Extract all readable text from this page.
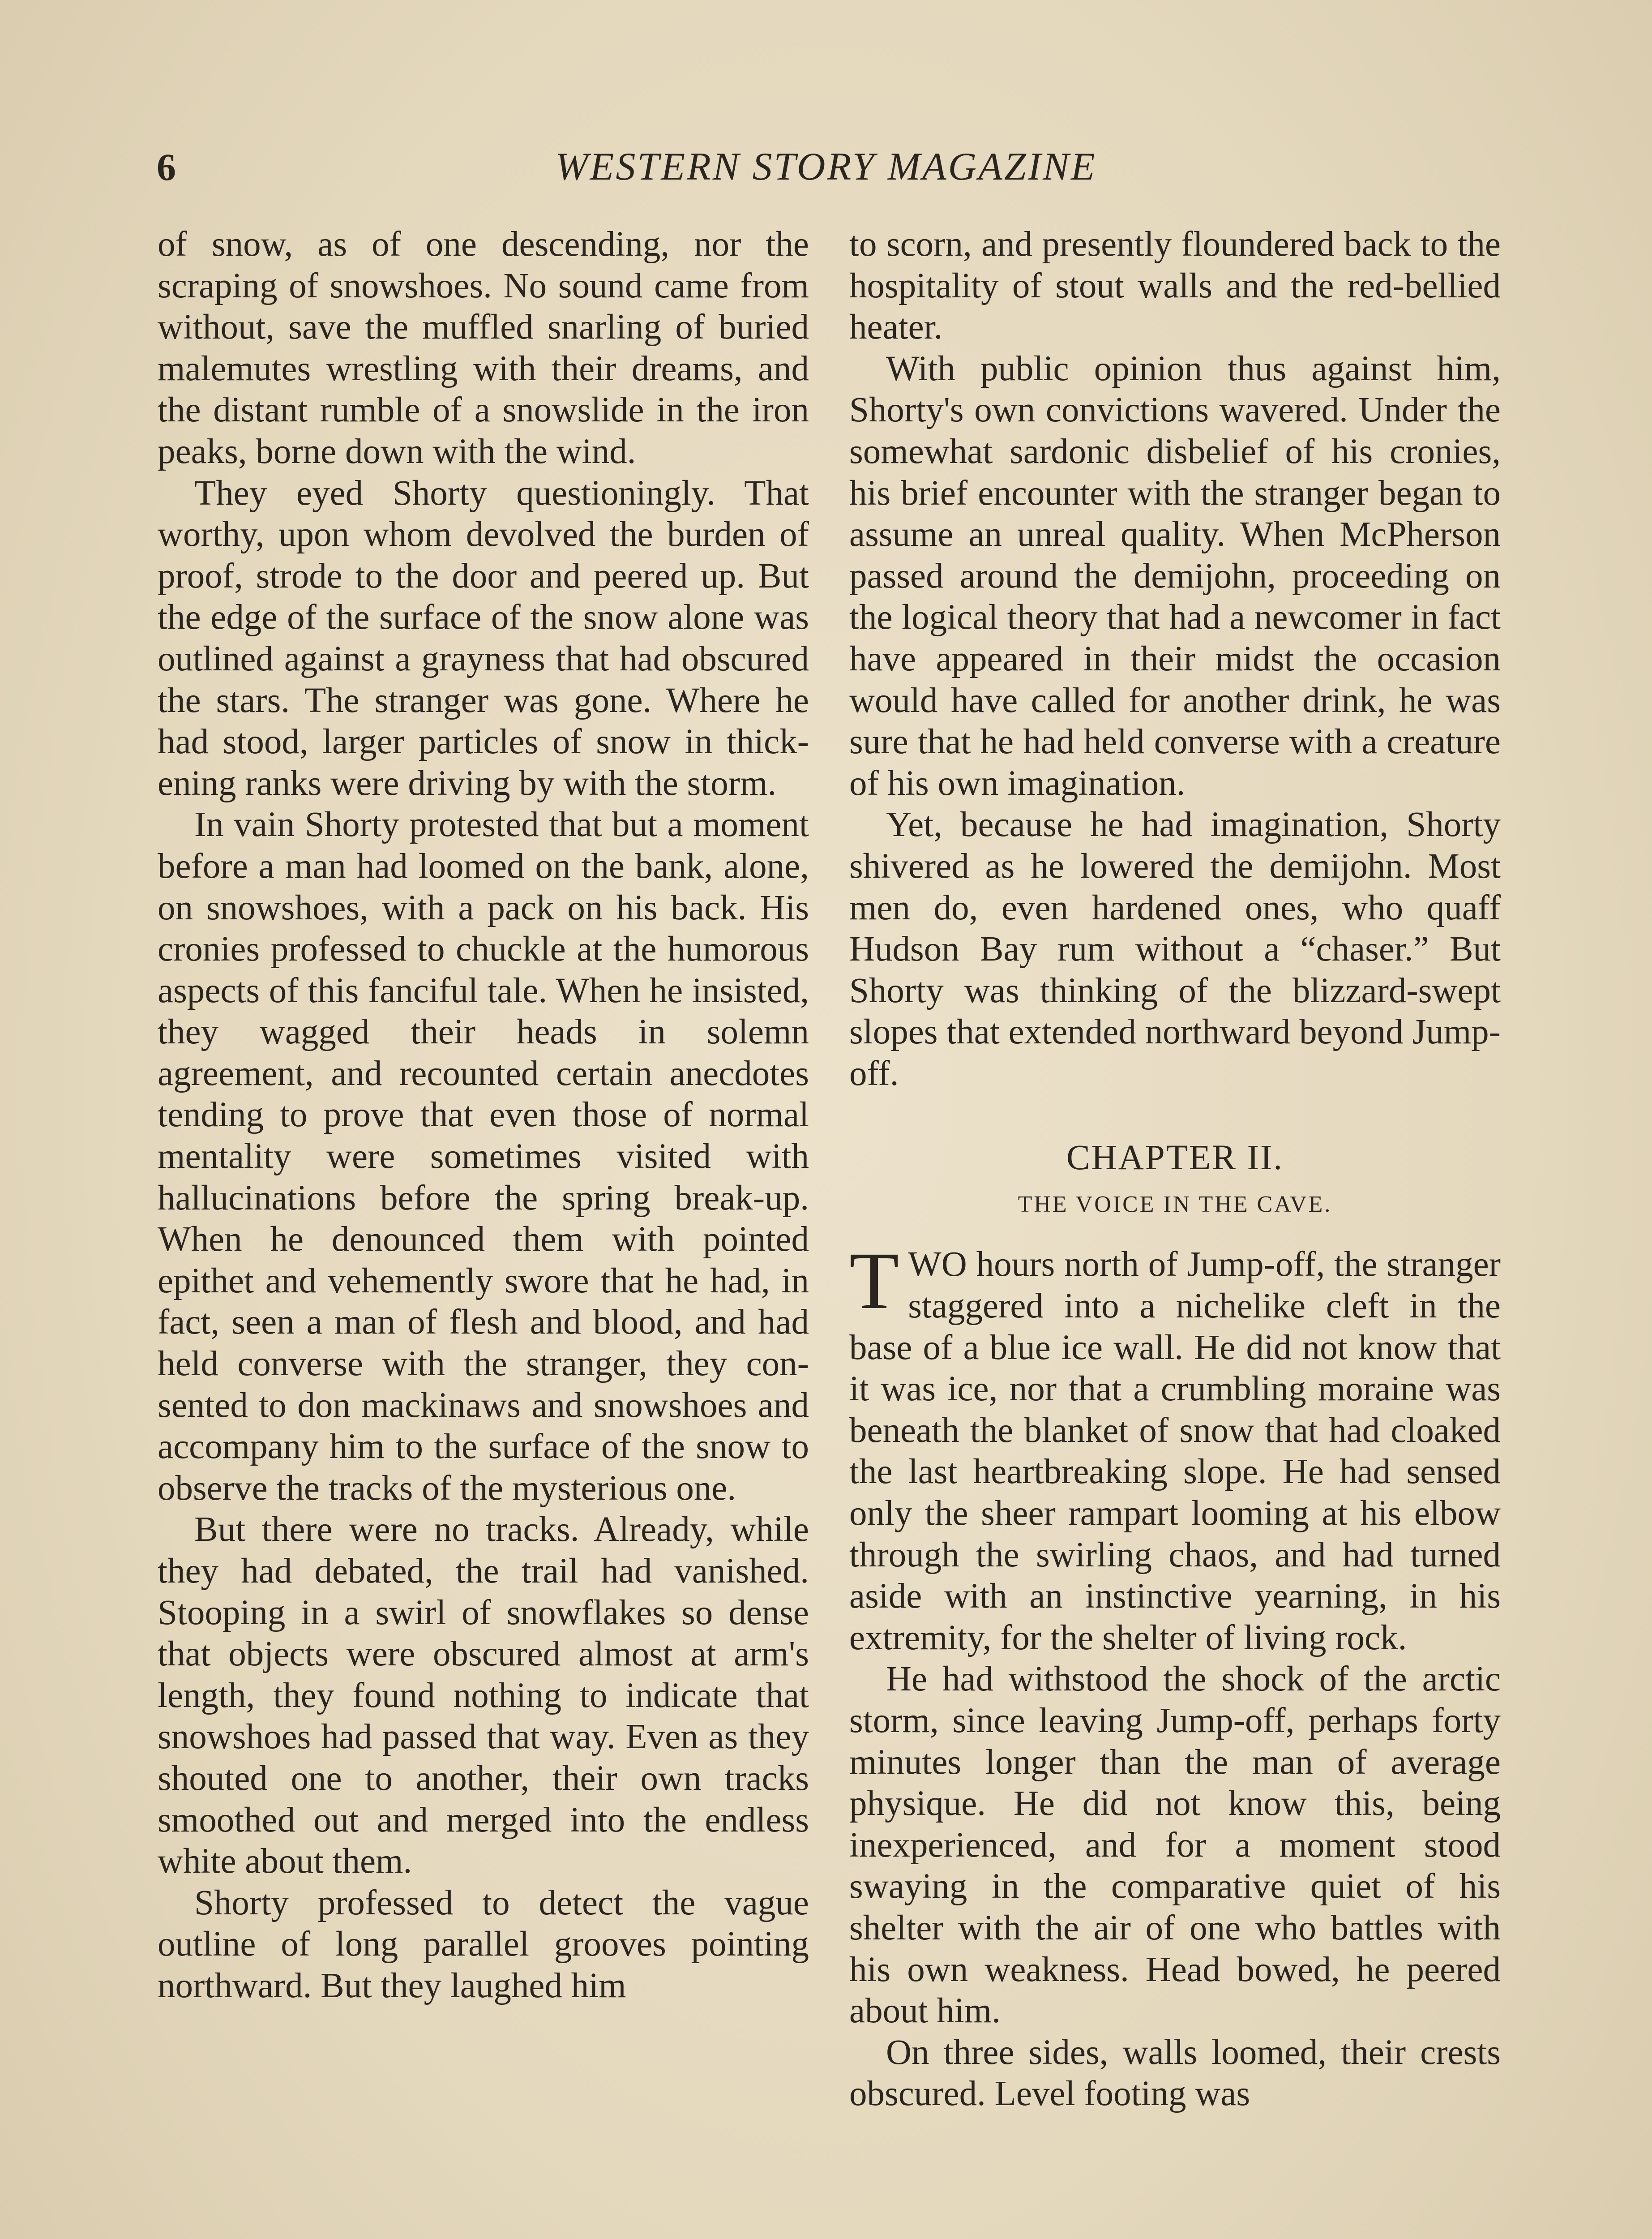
6	WESTERN STORY MAGAZINE

of snow, as of one descending, nor the scraping of snowshoes. No sound came from without, save the muffled snarling of buried malemutes wrestling with their dreams, and the distant rumble of a snowslide in the iron peaks, borne down with the wind.

They eyed Shorty questioningly. That worthy, upon whom devolved the burden of proof, strode to the door and peered up. But the edge of the surface of the snow alone was outlined against a grayness that had obscured the stars. The stranger was gone. Where he had stood, larger particles of snow in thickening ranks were driving by with the storm.

In vain Shorty protested that but a moment before a man had loomed on the bank, alone, on snowshoes, with a pack on his back. His cronies professed to chuckle at the humorous aspects of this fanciful tale. When he insisted, they wagged their heads in solemn agreement, and recounted certain anecdotes tending to prove that even those of normal mentality were sometimes visited with hallucinations before the spring break-up. When he denounced them with pointed epithet and vehemently swore that he had, in fact, seen a man of flesh and blood, and had held converse with the stranger, they consented to don mackinaws and snowshoes and accompany him to the surface of the snow to observe the tracks of the mysterious one.

But there were no tracks. Already, while they had debated, the trail had vanished. Stooping in a swirl of snowflakes so dense that objects were obscured almost at arm's length, they found nothing to indicate that snowshoes had passed that way. Even as they shouted one to another, their own tracks smoothed out and merged into the endless white about them.

Shorty professed to detect the vague outline of long parallel grooves pointing northward. But they laughed him

to scorn, and presently floundered back to the hospitality of stout walls and the red-bellied heater.

With public opinion thus against him, Shorty's own convictions wavered. Under the somewhat sardonic disbelief of his cronies, his brief encounter with the stranger began to assume an unreal quality. When McPherson passed around the demijohn, proceeding on the logical theory that had a newcomer in fact have appeared in their midst the occasion would have called for another drink, he was sure that he had held converse with a creature of his own imagination.

Yet, because he had imagination, Shorty shivered as he lowered the demijohn. Most men do, even hardened ones, who quaff Hudson Bay rum without a “chaser.” But Shorty was thinking of the blizzard-swept slopes that extended northward beyond Jump-off.

CHAPTER II.
THE VOICE IN THE CAVE.

TWO hours north of Jump-off, the stranger staggered into a nichelike cleft in the base of a blue ice wall. He did not know that it was ice, nor that a crumbling moraine was beneath the blanket of snow that had cloaked the last heartbreaking slope. He had sensed only the sheer rampart looming at his elbow through the swirling chaos, and had turned aside with an instinctive yearning, in his extremity, for the shelter of living rock.

He had withstood the shock of the arctic storm, since leaving Jump-off, perhaps forty minutes longer than the man of average physique. He did not know this, being inexperienced, and for a moment stood swaying in the comparative quiet of his shelter with the air of one who battles with his own weakness. Head bowed, he peered about him.

On three sides, walls loomed, their crests obscured. Level footing was
